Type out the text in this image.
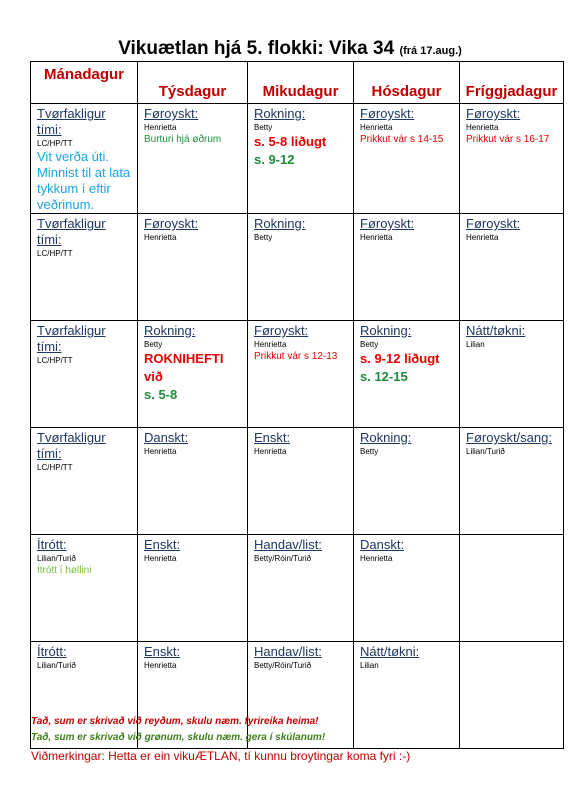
Vikuætlan hjá 5. flokki: Vika 34 (frá 17.aug.)
Mánadagur	Týsdagur	Mikudagur	Hósdagur	Fríggjadagur

Tvørfakligur tími:
LC/HP/TT
Vit verða úti. Minnist til at lata tykkum í eftir veðrinum.	Føroyskt:
Henrietta
Burturi hjá øðrum	Rokning:
Betty
s. 5-8 liðugt
s. 9-12	Føroyskt:
Henrietta
Prikkut vár s 14-15	Føroyskt:
Henrietta
Prikkut vár s 16-17

Tvørfakligur tími:
LC/HP/TT	Føroyskt:
Henrietta	Rokning:
Betty	Føroyskt:
Henrietta	Føroyskt:
Henrietta

Tvørfakligur tími:
LC/HP/TT	Rokning:
Betty
ROKNIHEFTI við
s. 5-8	Føroyskt:
Henrietta
Prikkut vár s 12-13	Rokning:
Betty
s. 9-12 liðugt
s. 12-15	Nátt/tøkni:
Lilian

Tvørfakligur tími:
LC/HP/TT	Danskt:
Henrietta	Enskt:
Henrietta	Rokning:
Betty	Føroyskt/sang:
Lilian/Turið

Ítrótt:
Lilian/Turið
Ítrótt í høllini	Enskt:
Henrietta	Handav/list:
Betty/Róin/Turið	Danskt:
Henrietta	

Ítrótt:
Lilian/Turið	Enskt:
Henrietta	Handav/list:
Betty/Róin/Turið	Nátt/tøkni:
Lilian	

Tað, sum er skrivað við reyðum, skulu næm. fyrireika heima!
Tað, sum er skrivað við grønum, skulu næm. gera í skúlanum!
Viðmerkingar: Hetta er ein vikuÆTLAN, tí kunnu broytingar koma fyri :-)
